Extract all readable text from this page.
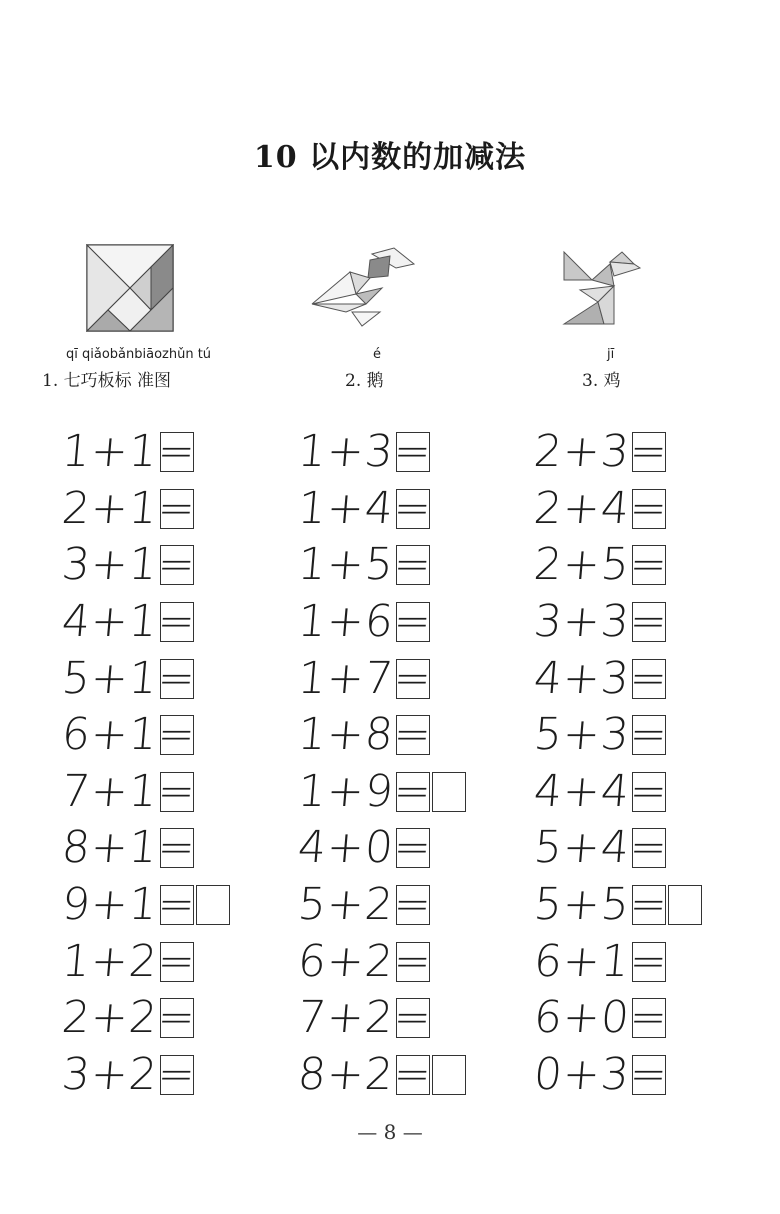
10 以内数的加减法
qī qiǎobǎnbiāozhǔn tú
1. 七巧板标 准图
é
2. 鹅
jī
3. 鸡
1+1=
2+1=
3+1=
4+1=
5+1=
6+1=
7+1=
8+1=
9+1=
1+2=
2+2=
3+2=
1+3=
1+4=
1+5=
1+6=
1+7=
1+8=
1+9=
4+0=
5+2=
6+2=
7+2=
8+2=
2+3=
2+4=
2+5=
3+3=
4+3=
5+3=
4+4=
5+4=
5+5=
6+1=
6+0=
0+3=
— 8 —
